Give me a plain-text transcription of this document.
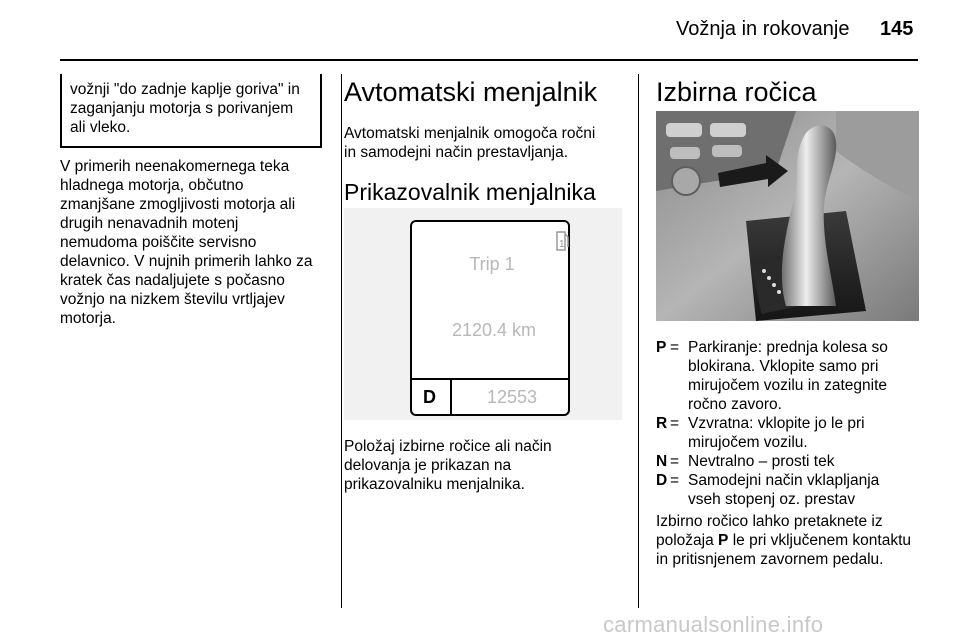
Vožnja in rokovanje 145
vožnji "do zadnje kaplje goriva" in
zaganjanju motorja s porivanjem
ali vleko.
V primerih neenakomernega teka
hladnega motorja, občutno
zmanjšane zmogljivosti motorja ali
drugih nenavadnih motenj
nemudoma poiščite servisno
delavnico. V nujnih primerih lahko za
kratek čas nadaljujete s počasno
vožnjo na nizkem številu vrtljajev
motorja.
Avtomatski menjalnik
Avtomatski menjalnik omogoča ročni
in samodejni način prestavljanja.
Prikazovalnik menjalnika
1
Trip 1
2120.4 km
D	12553
Položaj izbirne ročice ali način
delovanja je prikazan na
prikazovalniku menjalnika.
Izbirna ročica
P = Parkiranje: prednja kolesa so
blokirana. Vklopite samo pri
mirujočem vozilu in zategnite
ročno zavoro.
R = Vzvratna: vklopite jo le pri
mirujočem vozilu.
N = Nevtralno – prosti tek
D = Samodejni način vklapljanja
vseh stopenj oz. prestav
Izbirno ročico lahko pretaknete iz
položaja P le pri vključenem kontaktu
in pritisnjenem zavornem pedalu.
carmanualsonline.info
